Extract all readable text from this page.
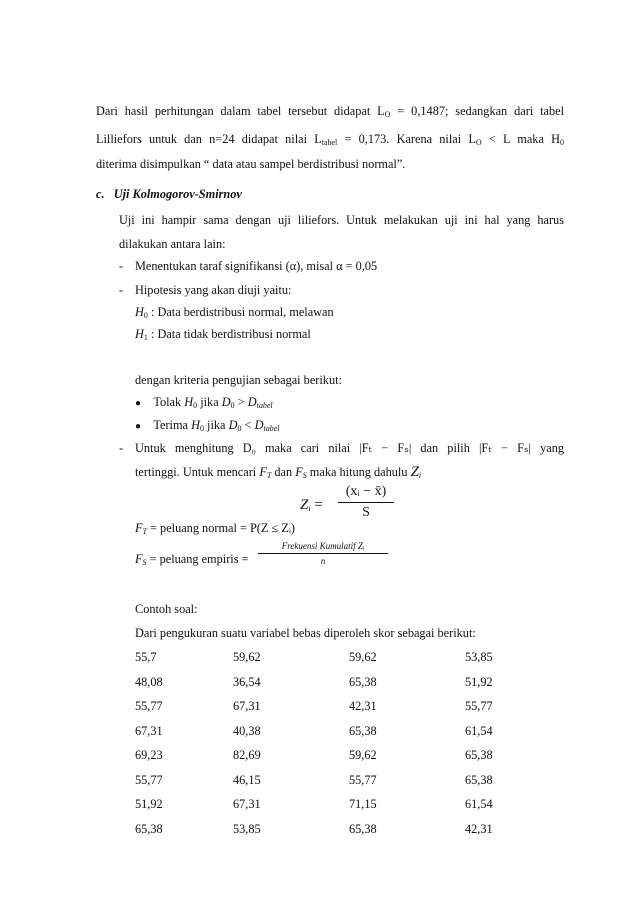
Dari hasil perhitungan dalam tabel tersebut didapat $L_O = 0,1487$; sedangkan dari tabel
Lilliefors untuk dan n=24 didapat nilai $L_{tabel} = 0,173$. Karena nilai $L_O < L$ maka $H_0$
diterima disimpulkan “ data atau sampel berdistribusi normal”.
c.   Uji Kolmogorov-Smirnov
Uji ini hampir sama dengan uji liliefors. Untuk melakukan uji ini hal yang harus
dilakukan antara lain:
- Menentukan taraf signifikansi (α), misal α = 0,05
- Hipotesis yang akan diuji yaitu:
$H_0$ : Data berdistribusi normal, melawan
$H_1$ : Data tidak berdistribusi normal
dengan kriteria pengujian sebagai berikut:
● Tolak $H_0$ jika $D_0 > D_{tabel}$
● Terima $H_0$ jika $D_0 < D_{tabel}$
- Untuk menghitung D₀ maka cari nilai |Fₜ − Fₛ| dan pilih |Fₜ − Fₛ| yang
tertinggi. Untuk mencari $F_T$ dan $F_S$ maka hitung dahulu $Z_i$
$Z_i = \frac{\text{(xᵢ − x̄)}}{S}$
$F_T$ = peluang normal = P(Z ≤ Zᵢ)
$F_S$ = peluang empiris =
Frekuensi Kumulatif Zᵢ
n
Contoh soal:
Dari pengukuran suatu variabel bebas diperoleh skor sebagai berikut:
55,7	59,62	59,62	53,85
48,08	36,54	65,38	51,92
55,77	67,31	42,31	55,77
67,31	40,38	65,38	61,54
69,23	82,69	59,62	65,38
55,77	46,15	55,77	65,38
51,92	67,31	71,15	61,54
65,38	53,85	65,38	42,31
